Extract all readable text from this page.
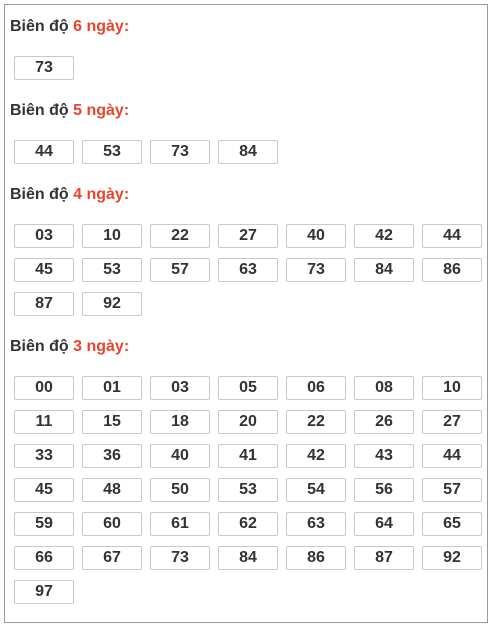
Biên độ 6 ngày:
73
Biên độ 5 ngày:
44	53	73	84
Biên độ 4 ngày:
03	10	22	27	40	42	44
45	53	57	63	73	84	86
87	92
Biên độ 3 ngày:
00	01	03	05	06	08	10
11	15	18	20	22	26	27
33	36	40	41	42	43	44
45	48	50	53	54	56	57
59	60	61	62	63	64	65
66	67	73	84	86	87	92
97
